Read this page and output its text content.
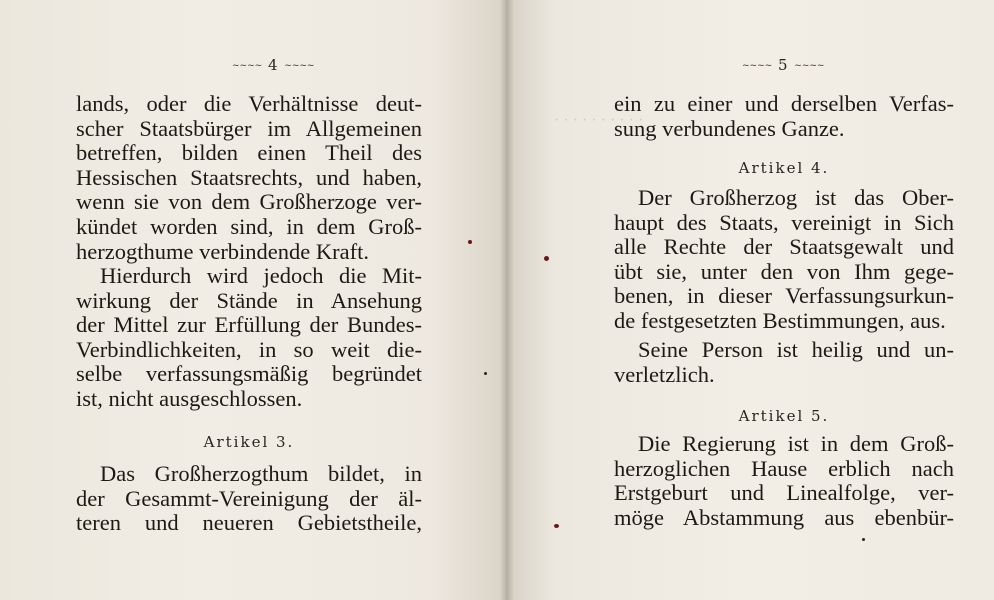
~~~~ 4 ~~~~
lands, oder die Verhältnisse deut-
scher Staatsbürger im Allgemeinen
betreffen, bilden einen Theil des
Hessischen Staatsrechts, und haben,
wenn sie von dem Großherzoge ver-
kündet worden sind, in dem Groß-
herzogthume verbindende Kraft.
Hierdurch wird jedoch die Mit-
wirkung der Stände in Ansehung
der Mittel zur Erfüllung der Bundes-
Verbindlichkeiten, in so weit die-
selbe verfassungsmäßig begründet
ist, nicht ausgeschlossen.
Artikel 3.
Das Großherzogthum bildet, in
der Gesammt-Vereinigung der äl-
teren und neueren Gebietstheile,
· · · · · · · · · ·
~~~~ 5 ~~~~
ein zu einer und derselben Verfas-
sung verbundenes Ganze.
Artikel 4.
Der Großherzog ist das Ober-
haupt des Staats, vereinigt in Sich
alle Rechte der Staatsgewalt und
übt sie, unter den von Ihm gege-
benen, in dieser Verfassungsurkun-
de festgesetzten Bestimmungen, aus.
Seine Person ist heilig und un-
verletzlich.
Artikel 5.
Die Regierung ist in dem Groß-
herzoglichen Hause erblich nach
Erstgeburt und Linealfolge, ver-
möge Abstammung aus ebenbür-
